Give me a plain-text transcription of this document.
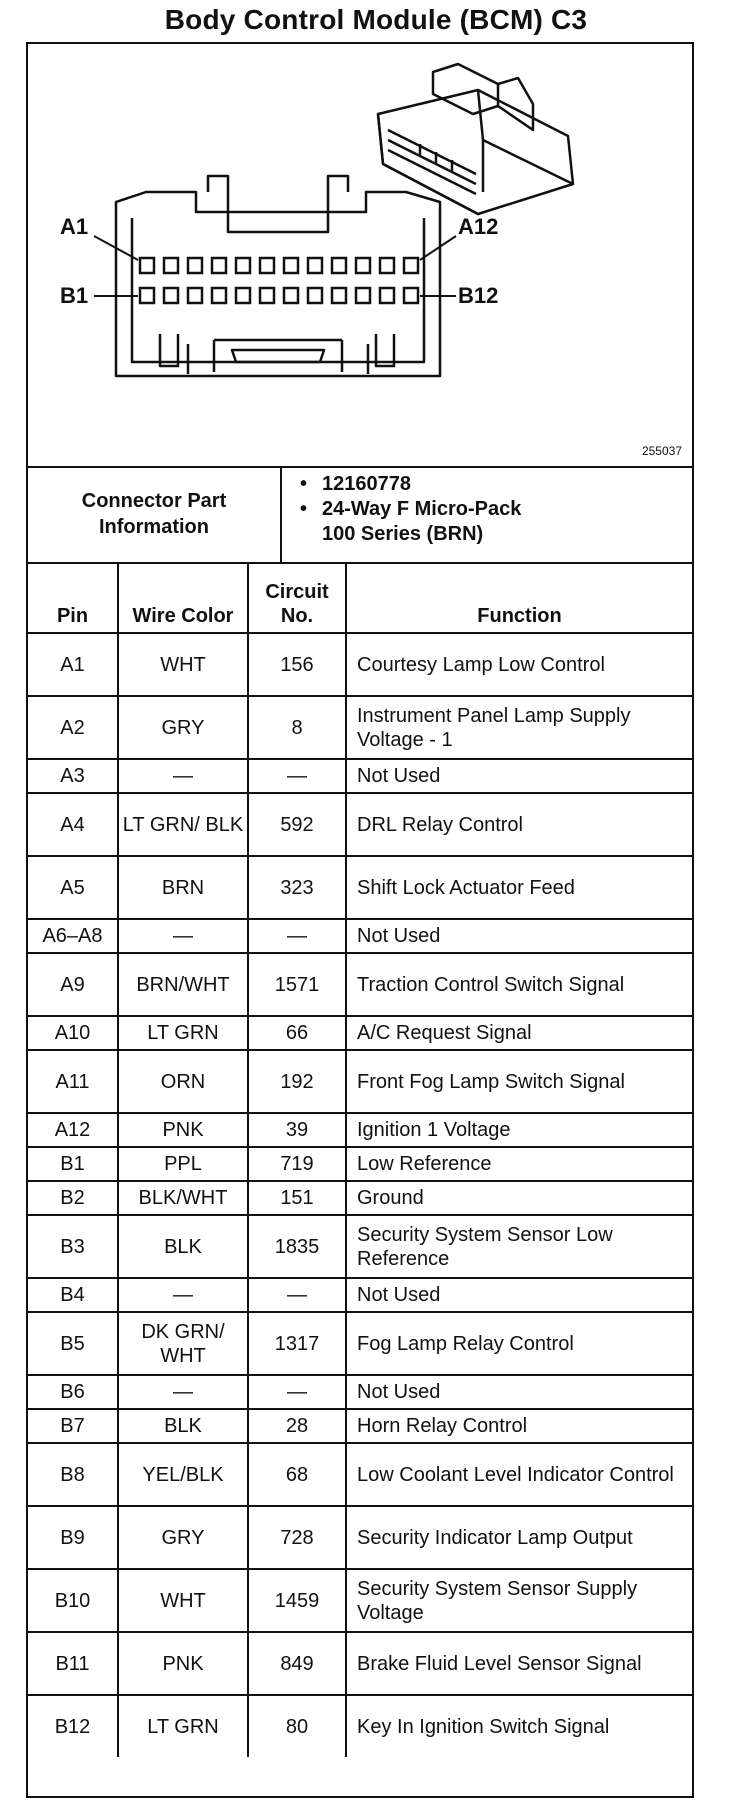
Body Control Module (BCM) C3
A1	A12
B1	B12
255037
Connector Part Information
• 12160778
• 24-Way F Micro-Pack
100 Series (BRN)
Pin	Wire Color	Circuit No.	Function
A1	WHT	156	Courtesy Lamp Low Control
A2	GRY	8	Instrument Panel Lamp Supply Voltage - 1
A3	—	—	Not Used
A4	LT GRN/ BLK	592	DRL Relay Control
A5	BRN	323	Shift Lock Actuator Feed
A6–A8	—	—	Not Used
A9	BRN/WHT	1571	Traction Control Switch Signal
A10	LT GRN	66	A/C Request Signal
A11	ORN	192	Front Fog Lamp Switch Signal
A12	PNK	39	Ignition 1 Voltage
B1	PPL	719	Low Reference
B2	BLK/WHT	151	Ground
B3	BLK	1835	Security System Sensor Low Reference
B4	—	—	Not Used
B5	DK GRN/ WHT	1317	Fog Lamp Relay Control
B6	—	—	Not Used
B7	BLK	28	Horn Relay Control
B8	YEL/BLK	68	Low Coolant Level Indicator Control
B9	GRY	728	Security Indicator Lamp Output
B10	WHT	1459	Security System Sensor Supply Voltage
B11	PNK	849	Brake Fluid Level Sensor Signal
B12	LT GRN	80	Key In Ignition Switch Signal
